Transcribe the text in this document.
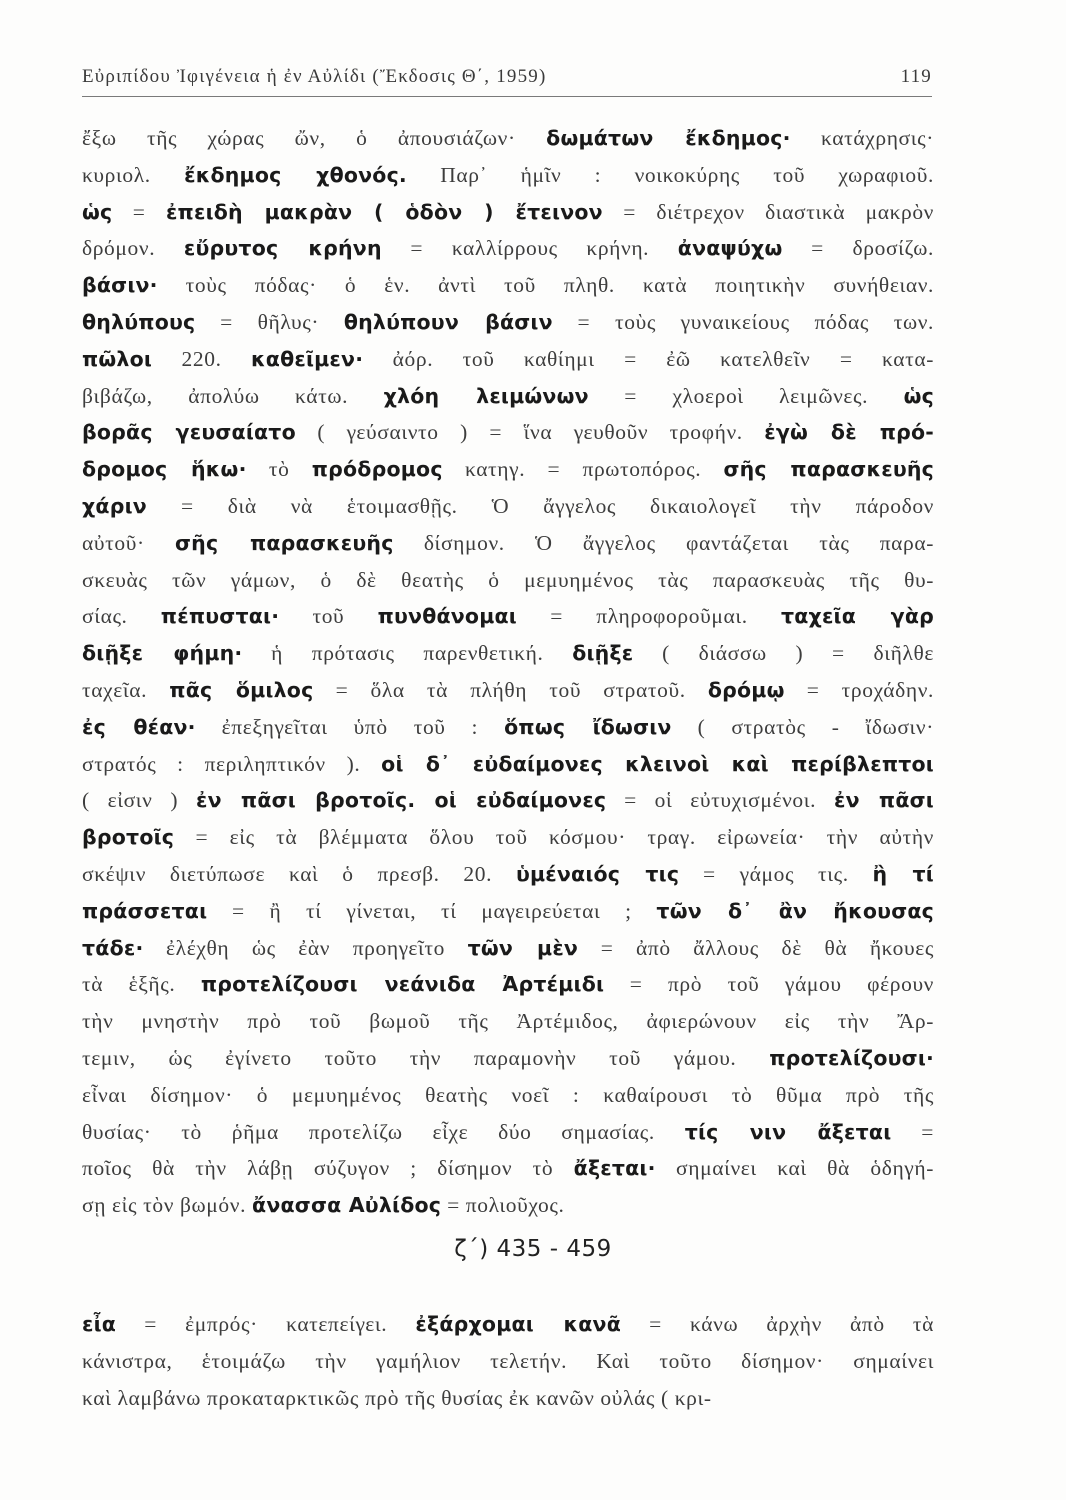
Εὐριπίδου Ἰφιγένεια ἡ ἐν Αὐλίδι (Ἔκδοσις Θ΄, 1959)	119
ἔξω τῆς χώρας ὤν, ὁ ἀπουσιάζων· δωμάτων ἔκδημος· κατάχρησις·
κυριολ. ἔκδημος χθονός. Παρ᾽ ἡμῖν : νοικοκύρης τοῦ χωραφιοῦ.
ὡς = ἐπειδὴ μακρὰν ( ὁδὸν ) ἔτεινον = διέτρεχον διαστικὰ μακρὸν
δρόμον. εὔρυτος κρήνη = καλλίρρους κρήνη. ἀναψύχω = δροσίζω.
βάσιν· τοὺς πόδας· ὁ ἑν. ἀντὶ τοῦ πληθ. κατὰ ποιητικὴν συνήθειαν.
θηλύπους = θῆλυς· θηλύπουν βάσιν = τοὺς γυναικείους πόδας των.
πῶλοι 220. καθεῖμεν· ἀόρ. τοῦ καθίημι = ἐῶ κατελθεῖν = κατα-
βιβάζω, ἀπολύω κάτω. χλόη λειμώνων = χλοεροὶ λειμῶνες. ὡς
βορᾶς γευσαίατο ( γεύσαιντο ) = ἵνα γευθοῦν τροφήν. ἐγὼ δὲ πρό-
δρομος ἥκω· τὸ πρόδρομος κατηγ. = πρωτοπόρος. σῆς παρασκευῆς
χάριν = διὰ νὰ ἑτοιμασθῇς. Ὁ ἄγγελος δικαιολογεῖ τὴν πάροδον
αὐτοῦ· σῆς παρασκευῆς δίσημον. Ὁ ἄγγελος φαντάζεται τὰς παρα-
σκευὰς τῶν γάμων, ὁ δὲ θεατὴς ὁ μεμυημένος τὰς παρασκευὰς τῆς θυ-
σίας. πέπυσται· τοῦ πυνθάνομαι = πληροφοροῦμαι. ταχεῖα γὰρ
διῇξε φήμη· ἡ πρότασις παρενθετική. διῇξε ( διάσσω ) = διῆλθε
ταχεῖα. πᾶς ὅμιλος = ὅλα τὰ πλήθη τοῦ στρατοῦ. δρόμῳ = τροχάδην.
ἐς θέαν· ἐπεξηγεῖται ὑπὸ τοῦ : ὅπως ἴδωσιν ( στρατὸς - ἴδωσιν·
στρατός : περιληπτικόν ). οἱ δ᾽ εὐδαίμονες κλεινοὶ καὶ περίβλεπτοι
( εἰσιν ) ἐν πᾶσι βροτοῖς. οἱ εὐδαίμονες = οἱ εὐτυχισμένοι. ἐν πᾶσι
βροτοῖς = εἰς τὰ βλέμματα ὅλου τοῦ κόσμου· τραγ. εἰρωνεία· τὴν αὐτὴν
σκέψιν διετύπωσε καὶ ὁ πρεσβ. 20. ὑμέναιός τις = γάμος τις. ἢ τί
πράσσεται = ἢ τί γίνεται, τί μαγειρεύεται ; τῶν δ᾽ ἂν ἤκουσας
τάδε· ἐλέχθη ὡς ἐὰν προηγεῖτο τῶν μὲν = ἀπὸ ἄλλους δὲ θὰ ἤκουες
τὰ ἑξῆς. προτελίζουσι νεάνιδα Ἀρτέμιδι = πρὸ τοῦ γάμου φέρουν
τὴν μνηστὴν πρὸ τοῦ βωμοῦ τῆς Ἀρτέμιδος, ἀφιερώνουν εἰς τὴν Ἄρ-
τεμιν, ὡς ἐγίνετο τοῦτο τὴν παραμονὴν τοῦ γάμου. προτελίζουσι·
εἶναι δίσημον· ὁ μεμυημένος θεατὴς νοεῖ : καθαίρουσι τὸ θῦμα πρὸ τῆς
θυσίας· τὸ ῥῆμα προτελίζω εἶχε δύο σημασίας. τίς νιν ἄξεται =
ποῖος θὰ τὴν λάβῃ σύζυγον ; δίσημον τὸ ἄξεται· σημαίνει καὶ θὰ ὁδηγή-
σῃ εἰς τὸν βωμόν. ἄνασσα Αὐλίδος = πολιοῦχος.
ζ΄) 435 - 459
εἶα = ἐμπρός· κατεπείγει. ἐξάρχομαι κανᾶ = κάνω ἀρχὴν ἀπὸ τὰ
κάνιστρα, ἑτοιμάζω τὴν γαμήλιον τελετήν. Καὶ τοῦτο δίσημον· σημαίνει
καὶ λαμβάνω προκαταρκτικῶς πρὸ τῆς θυσίας ἐκ κανῶν οὐλάς ( κρι-
